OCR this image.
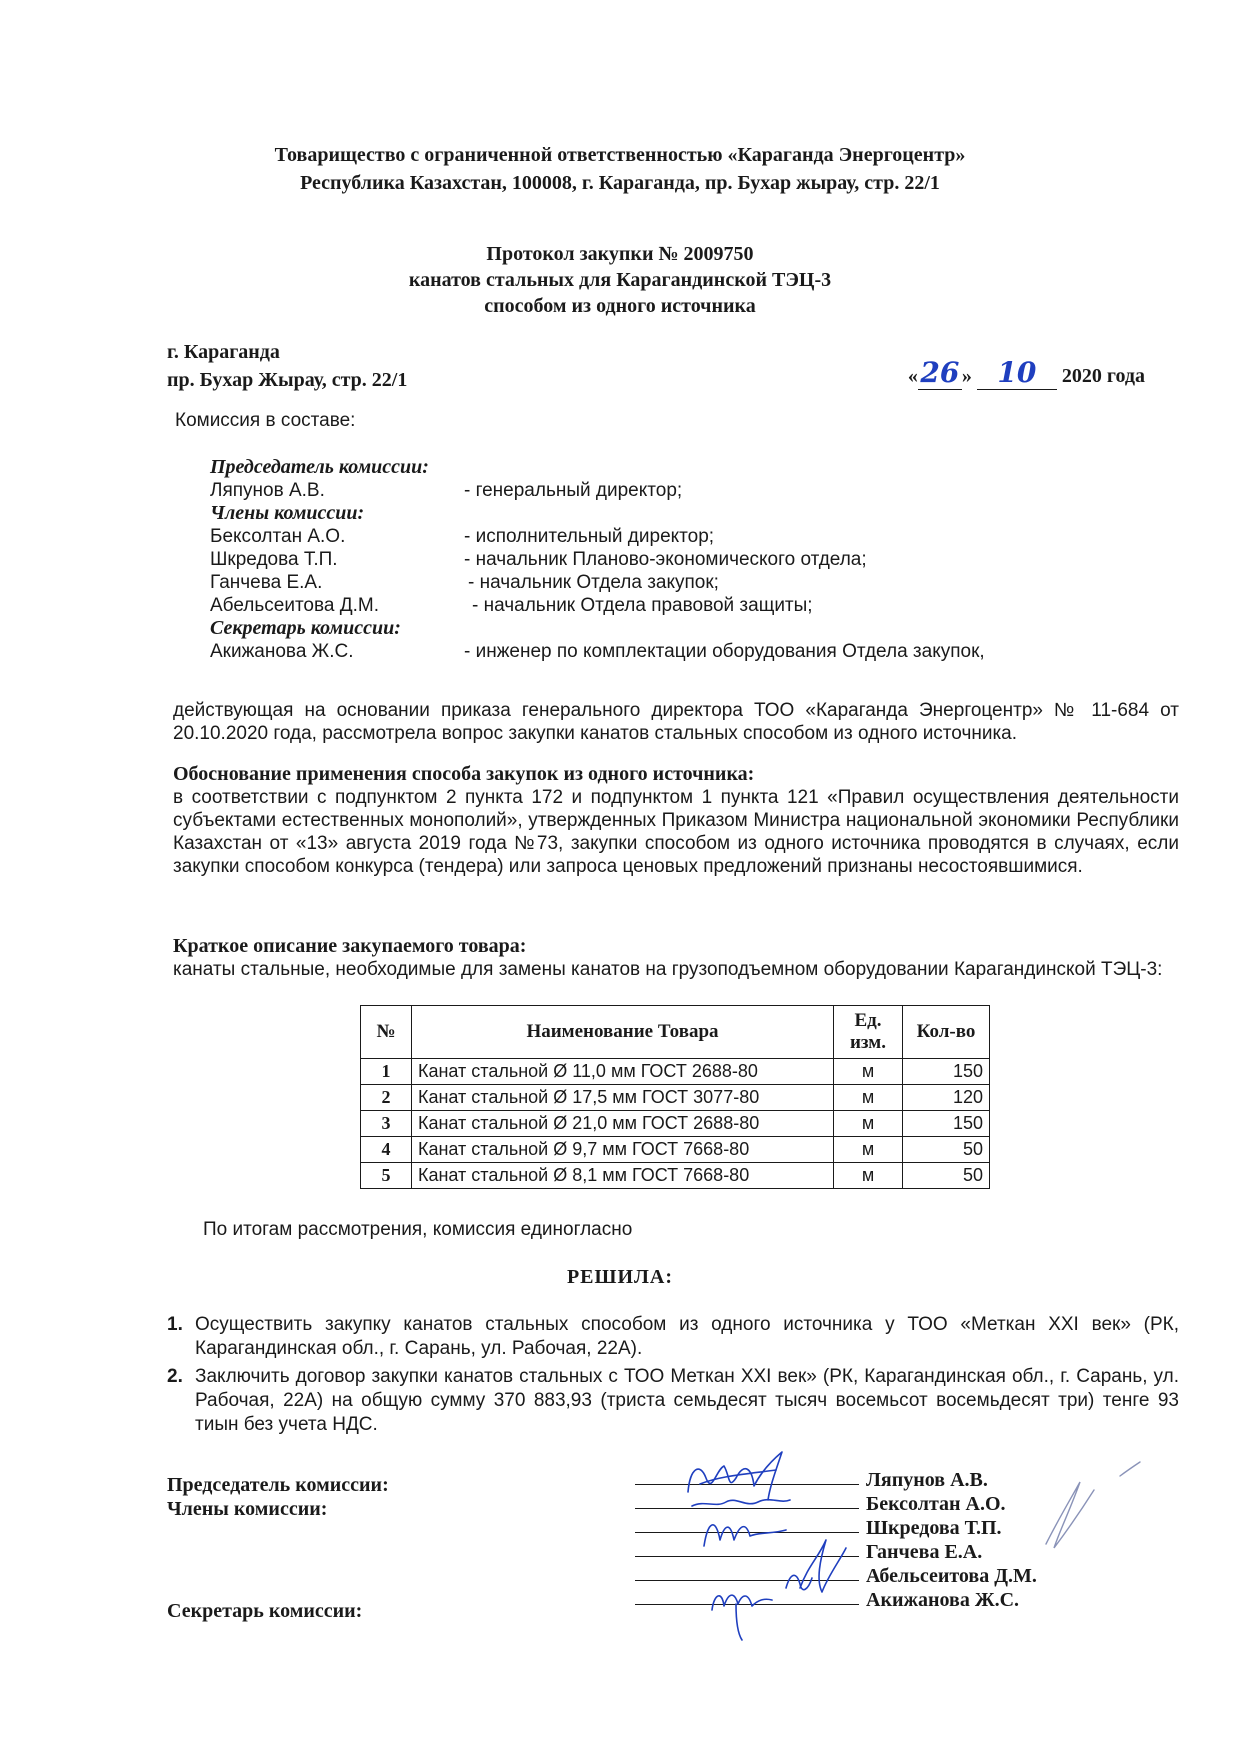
Товарищество с ограниченной ответственностью «Караганда Энергоцентр»
Республика Казахстан, 100008, г. Караганда, пр. Бухар жырау, стр. 22/1
Протокол закупки № 2009750
канатов стальных для Карагандинской ТЭЦ-3
способом из одного источника
г. Караганда
пр. Бухар Жырау, стр. 22/1	«26 » 10 2020 года
Комиссия в составе:
Председатель комиссии:
Ляпунов А.В.	- генеральный директор;
Члены комиссии:
Бексолтан А.О.	- исполнительный директор;
Шкредова Т.П.	- начальник Планово-экономического отдела;
Ганчева Е.А.	- начальник Отдела закупок;
Абельсеитова Д.М.	- начальник Отдела правовой защиты;
Секретарь комиссии:
Акижанова Ж.С.	- инженер по комплектации оборудования Отдела закупок,
действующая на основании приказа генерального директора ТОО «Караганда Энергоцентр» № 11-684 от 20.10.2020 года, рассмотрела вопрос закупки канатов стальных способом из одного источника.
Обоснование применения способа закупок из одного источника:
в соответствии с подпунктом 2 пункта 172 и подпунктом 1 пункта 121 «Правил осуществления деятельности субъектами естественных монополий», утвержденных Приказом Министра национальной экономики Республики Казахстан от «13» августа 2019 года №73, закупки способом из одного источника проводятся в случаях, если закупки способом конкурса (тендера) или запроса ценовых предложений признаны несостоявшимися.
Краткое описание закупаемого товара:
канаты стальные, необходимые для замены канатов на грузоподъемном оборудовании Карагандинской ТЭЦ-3:
№	Наименование Товара	Ед. изм.	Кол-во
1	Канат стальной Ø 11,0 мм ГОСТ 2688-80	м	150
2	Канат стальной Ø 17,5 мм ГОСТ 3077-80	м	120
3	Канат стальной Ø 21,0 мм ГОСТ 2688-80	м	150
4	Канат стальной Ø 9,7 мм ГОСТ 7668-80	м	50
5	Канат стальной Ø 8,1 мм ГОСТ 7668-80	м	50
По итогам рассмотрения, комиссия единогласно
РЕШИЛА:
1. Осуществить закупку канатов стальных способом из одного источника у ТОО «Меткан XXI век» (РК, Карагандинская обл., г. Сарань, ул. Рабочая, 22А).
2. Заключить договор закупки канатов стальных с ТОО Меткан XXI век» (РК, Карагандинская обл., г. Сарань, ул. Рабочая, 22А) на общую сумму 370 883,93 (триста семьдесят тысяч восемьсот восемьдесят три) тенге 93 тиын без учета НДС.
Председатель комиссии:
Члены комиссии:
Секретарь комиссии:
Ляпунов А.В.
Бексолтан А.О.
Шкредова Т.П.
Ганчева Е.А.
Абельсеитова Д.М.
Акижанова Ж.С.
